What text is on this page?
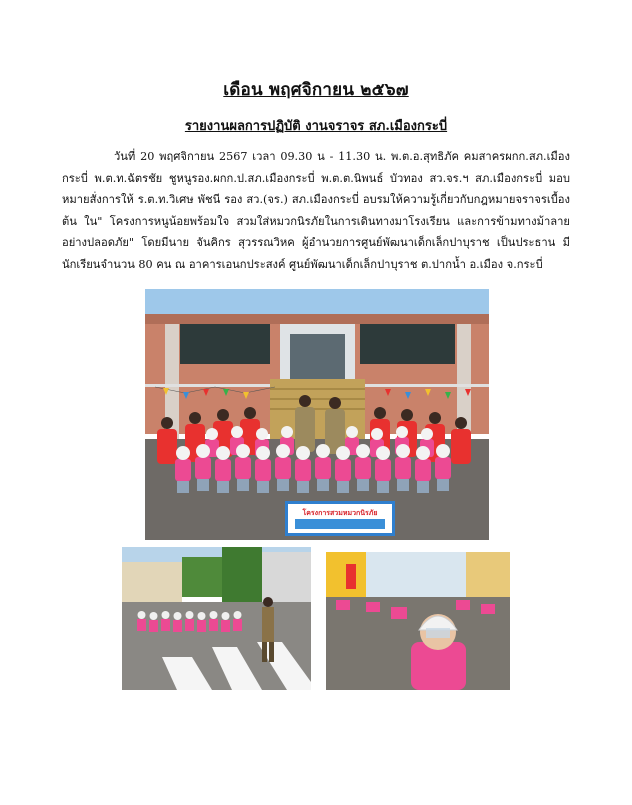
เดือน พฤศจิกายน ๒๕๖๗
รายงานผลการปฏิบัติ งานจราจร สภ.เมืองกระบี่

วันที่ 20 พฤศจิกายน 2567 เวลา 09.30 น - 11.30 น. พ.ต.อ.สุทธิภัค คมสาครผกก.สภ.เมืองกระบี่ พ.ต.ท.ฉัตรชัย ชูหนูรอง.ผกก.ป.สภ.เมืองกระบี่ พ.ต.ต.นิพนธ์ บัวทอง สว.จร.ฯ สภ.เมืองกระบี่ มอบหมายสั่งการให้ ร.ต.ท.วิเศษ พัชนี รอง สว.(จร.) สภ.เมืองกระบี่ อบรมให้ความรู้เกี่ยวกับกฎหมายจราจรเบื้องต้น ใน" โครงการหนูน้อยพร้อมใจ สวมใส่หมวกนิรภัยในการเดินทางมาโรงเรียน และการข้ามทางม้าลายอย่างปลอดภัย" โดยมีนาย จันคิกร สุวรรณวิหค ผู้อำนวยการศูนย์พัฒนาเด็กเล็กปาบุราช เป็นประธาน มีนักเรียนจำนวน 80 คน ณ อาคารเอนกประสงค์ ศูนย์พัฒนาเด็กเล็กปาบุราช ต.ปากน้ำ อ.เมือง จ.กระบี่

โครงการสวมหมวกนิรภัย
